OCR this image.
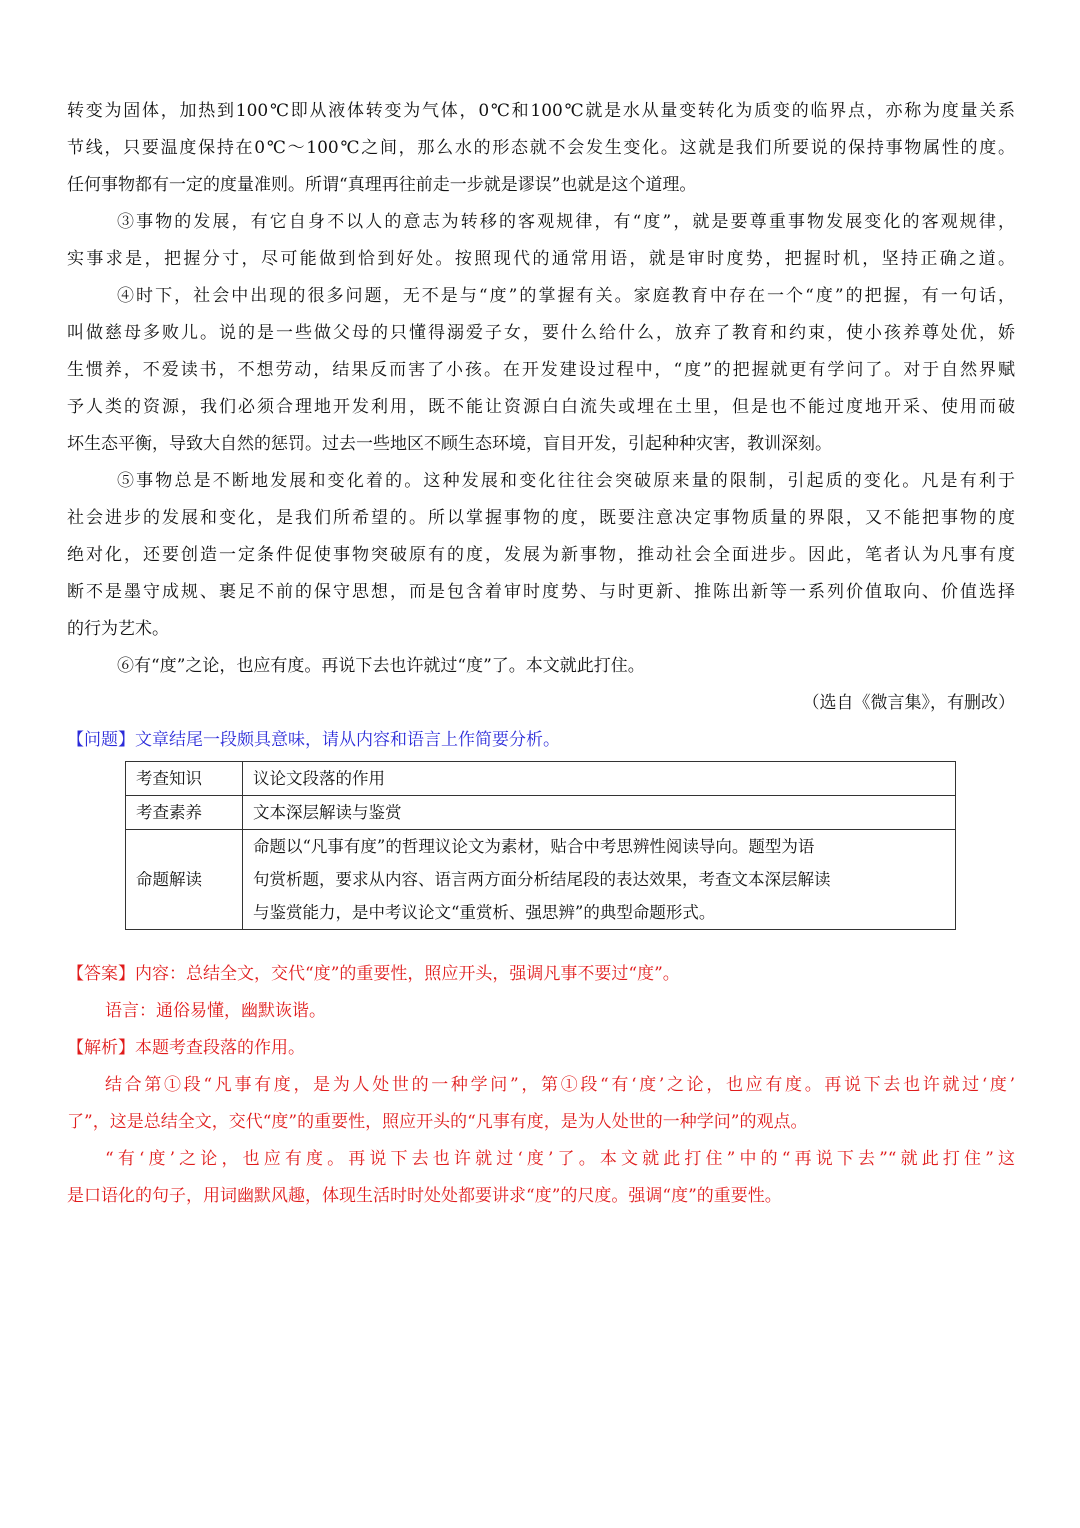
转变为固体，加热到100℃即从液体转变为气体，0℃和100℃就是水从量变转化为质变的临界点，亦称为度量关系
节线，只要温度保持在0℃～100℃之间，那么水的形态就不会发生变化。这就是我们所要说的保持事物属性的度。
任何事物都有一定的度量准则。所谓“真理再往前走一步就是谬误”也就是这个道理。
③事物的发展，有它自身不以人的意志为转移的客观规律，有“度”，就是要尊重事物发展变化的客观规律，
实事求是，把握分寸，尽可能做到恰到好处。按照现代的通常用语，就是审时度势，把握时机，坚持正确之道。
④时下，社会中出现的很多问题，无不是与“度”的掌握有关。家庭教育中存在一个“度”的把握，有一句话，
叫做慈母多败儿。说的是一些做父母的只懂得溺爱子女，要什么给什么，放弃了教育和约束，使小孩养尊处优，娇
生惯养，不爱读书，不想劳动，结果反而害了小孩。在开发建设过程中，“度”的把握就更有学问了。对于自然界赋
予人类的资源，我们必须合理地开发利用，既不能让资源白白流失或埋在土里，但是也不能过度地开采、使用而破
坏生态平衡，导致大自然的惩罚。过去一些地区不顾生态环境，盲目开发，引起种种灾害，教训深刻。
⑤事物总是不断地发展和变化着的。这种发展和变化往往会突破原来量的限制，引起质的变化。凡是有利于
社会进步的发展和变化，是我们所希望的。所以掌握事物的度，既要注意决定事物质量的界限，又不能把事物的度
绝对化，还要创造一定条件促使事物突破原有的度，发展为新事物，推动社会全面进步。因此，笔者认为凡事有度
断不是墨守成规、裹足不前的保守思想，而是包含着审时度势、与时更新、推陈出新等一系列价值取向、价值选择
的行为艺术。
⑥有“度”之论，也应有度。再说下去也许就过“度”了。本文就此打住。
（选自《微言集》，有删改）
【问题】文章结尾一段颇具意味，请从内容和语言上作简要分析。
考查知识	议论文段落的作用
考查素养	文本深层解读与鉴赏
命题解读	命题以“凡事有度”的哲理议论文为素材，贴合中考思辨性阅读导向。题型为语
句赏析题，要求从内容、语言两方面分析结尾段的表达效果，考查文本深层解读
与鉴赏能力，是中考议论文“重赏析、强思辨”的典型命题形式。
【答案】内容：总结全文，交代“度”的重要性，照应开头，强调凡事不要过“度”。
语言：通俗易懂，幽默诙谐。
【解析】本题考查段落的作用。
结合第①段“凡事有度，是为人处世的一种学问”，第①段“有‘度’之论，也应有度。再说下去也许就过‘度’
了”，这是总结全文，交代“度”的重要性，照应开头的“凡事有度，是为人处世的一种学问”的观点。
“有‘度’之论，也应有度。再说下去也许就过‘度’了。本文就此打住”中的“再说下去”“就此打住”这
是口语化的句子，用词幽默风趣，体现生活时时处处都要讲求“度”的尺度。强调“度”的重要性。
